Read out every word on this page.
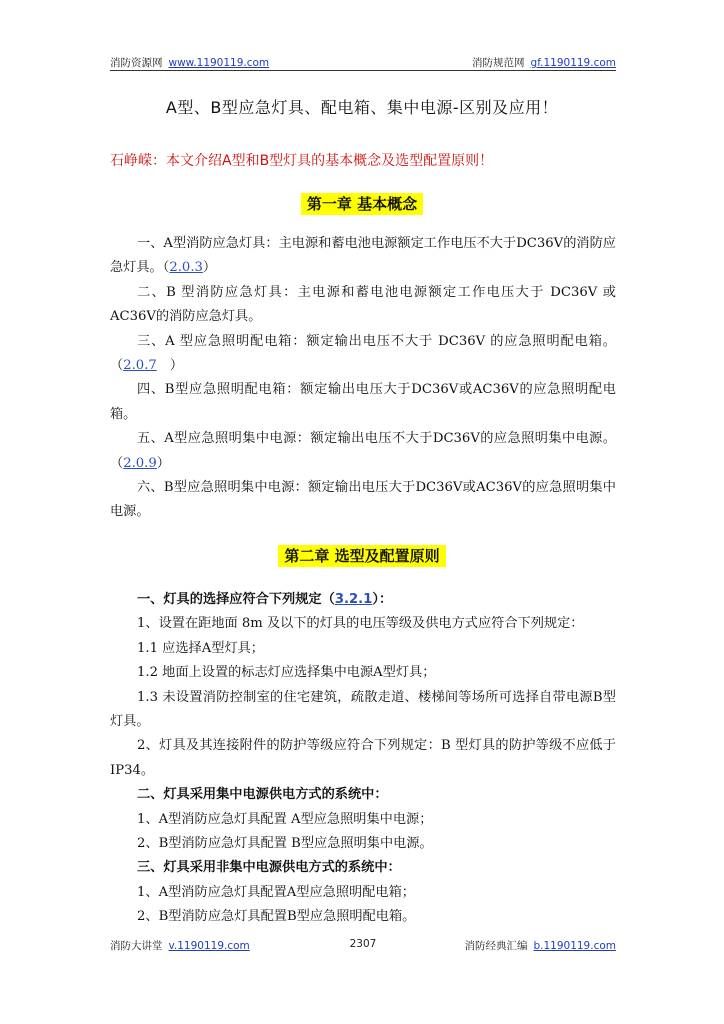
消防资源网 www.1190119.com	消防规范网 gf.1190119.com
A型、B型应急灯具、配电箱、集中电源-区别及应用！
石峥嵘：本文介绍A型和B型灯具的基本概念及选型配置原则！
第一章 基本概念

一、A型消防应急灯具：主电源和蓄电池电源额定工作电压不大于DC36V的消防应急灯具。（2.0.3）

二、B 型消防应急灯具：主电源和蓄电池电源额定工作电压大于 DC36V 或AC36V的消防应急灯具。

三、A 型应急照明配电箱：额定输出电压不大于 DC36V 的应急照明配电箱。（2.0.7　）

四、B型应急照明配电箱：额定输出电压大于DC36V或AC36V的应急照明配电箱。

五、A型应急照明集中电源：额定输出电压不大于DC36V的应急照明集中电源。（2.0.9）

六、B型应急照明集中电源：额定输出电压大于DC36V或AC36V的应急照明集中电源。

第二章 选型及配置原则

一、灯具的选择应符合下列规定（3.2.1）：

1、设置在距地面 8m 及以下的灯具的电压等级及供电方式应符合下列规定：

1.1 应选择A型灯具；

1.2 地面上设置的标志灯应选择集中电源A型灯具；

1.3 未设置消防控制室的住宅建筑，疏散走道、楼梯间等场所可选择自带电源B型灯具。

2、灯具及其连接附件的防护等级应符合下列规定：B 型灯具的防护等级不应低于IP34。

二、灯具采用集中电源供电方式的系统中：

1、A型消防应急灯具配置 A型应急照明集中电源；

2、B型消防应急灯具配置 B型应急照明集中电源。

三、灯具采用非集中电源供电方式的系统中：

1、A型消防应急灯具配置A型应急照明配电箱；

2、B型消防应急灯具配置B型应急照明配电箱。

消防大讲堂 v.1190119.com	2307	消防经典汇编 b.1190119.com
